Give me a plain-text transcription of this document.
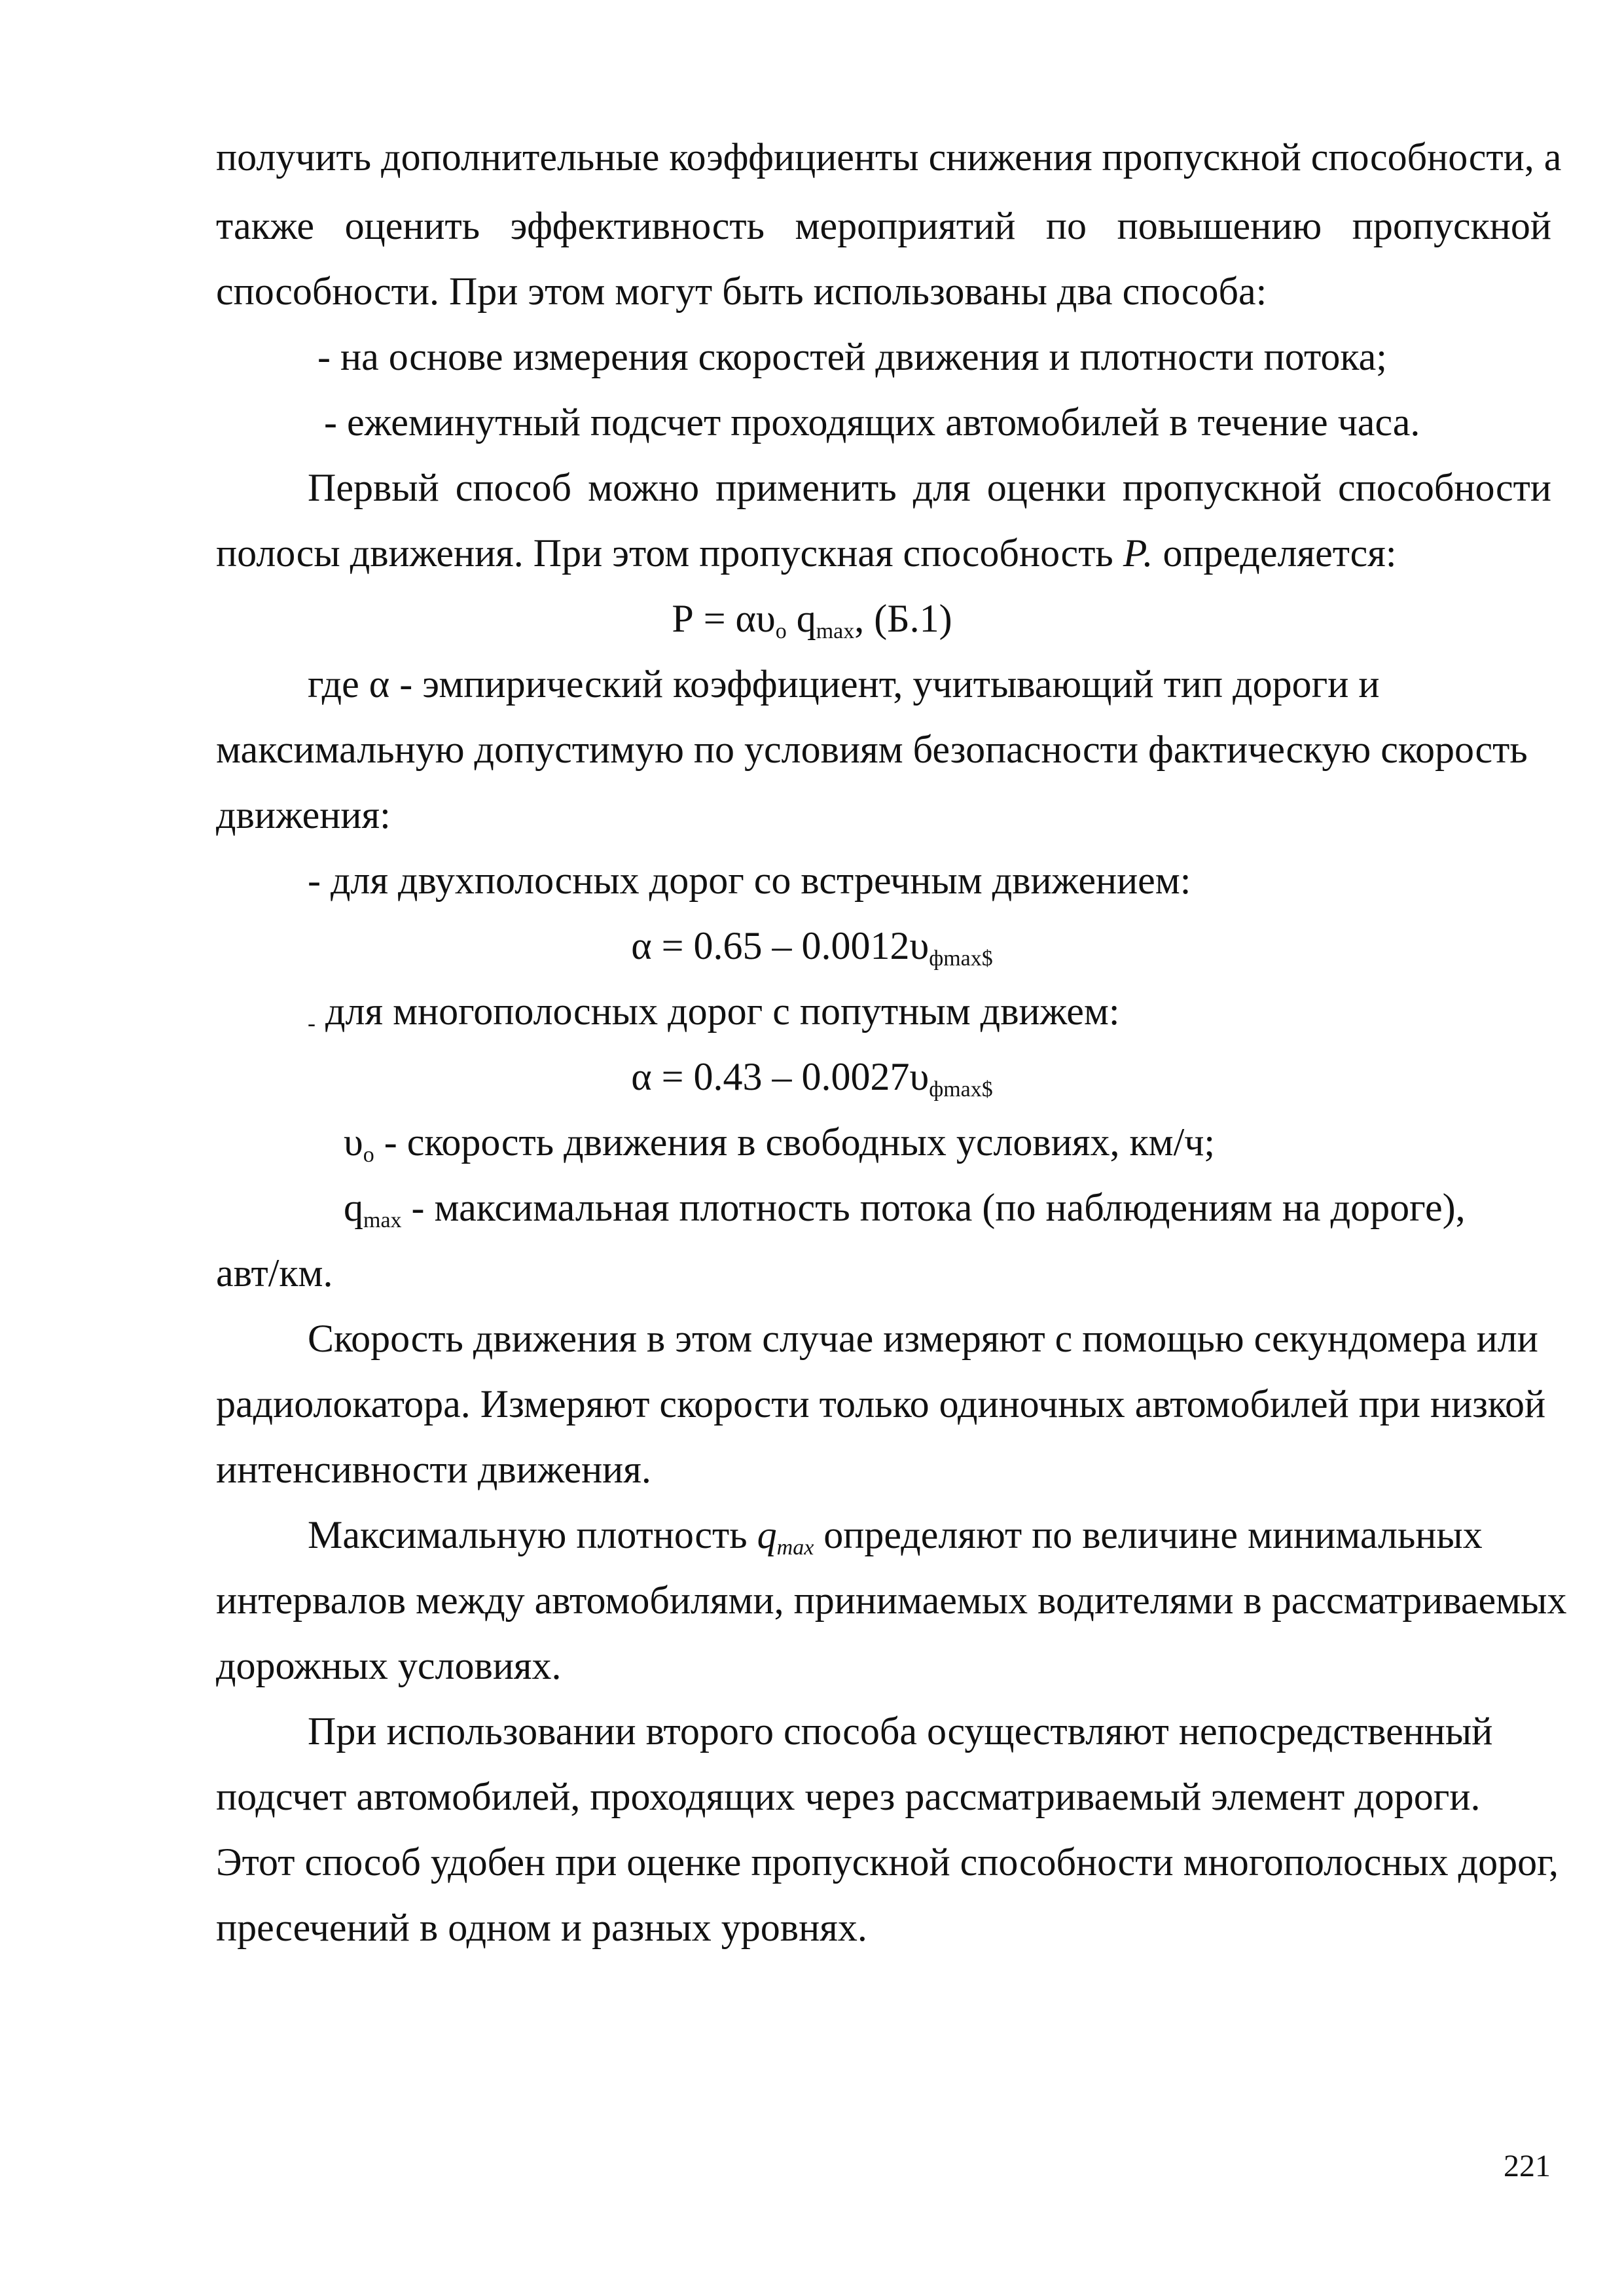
получить дополнительные коэффициенты снижения пропускной способности, а
также оценить эффективность мероприятий по повышению пропускной
способности. При этом могут быть использованы два способа:
- на основе измерения скоростей движения и плотности потока;
- ежеминутный подсчет проходящих автомобилей в течение часа.
Первый способ можно применить для оценки пропускной способности
полосы движения. При этом пропускная способность Р. определяется:
$Р = \alpha\upsilon_о$ $q_{max}$, (Б.1)
где α - эмпирический коэффициент, учитывающий тип дороги и
максимальную допустимую по условиям безопасности фактическую скорость
движения:
- для двухполосных дорог со встречным движением:
$\alpha = 0.65 - 0.0012\upsilon_{фmax\$}$
- для многополосных дорог с попутным движем:
$\alpha = 0.43 - 0.0027\upsilon_{фmax\$}$
$\upsilon_о$ - скорость движения в свободных условиях, км/ч;
$q_{max}$ - максимальная плотность потока (по наблюдениям на дороге),
авт/км.
Скорость движения в этом случае измеряют с помощью секундомера или
радиолокатора. Измеряют скорости только одиночных автомобилей при низкой
интенсивности движения.
Максимальную плотность $q_{max}$ определяют по величине минимальных
интервалов между автомобилями, принимаемых водителями в рассматриваемых
дорожных условиях.
При использовании второго способа осуществляют непосредственный
подсчет автомобилей, проходящих через рассматриваемый элемент дороги.
Этот способ удобен при оценке пропускной способности многополосных дорог,
пресечений в одном и разных уровнях.
221
